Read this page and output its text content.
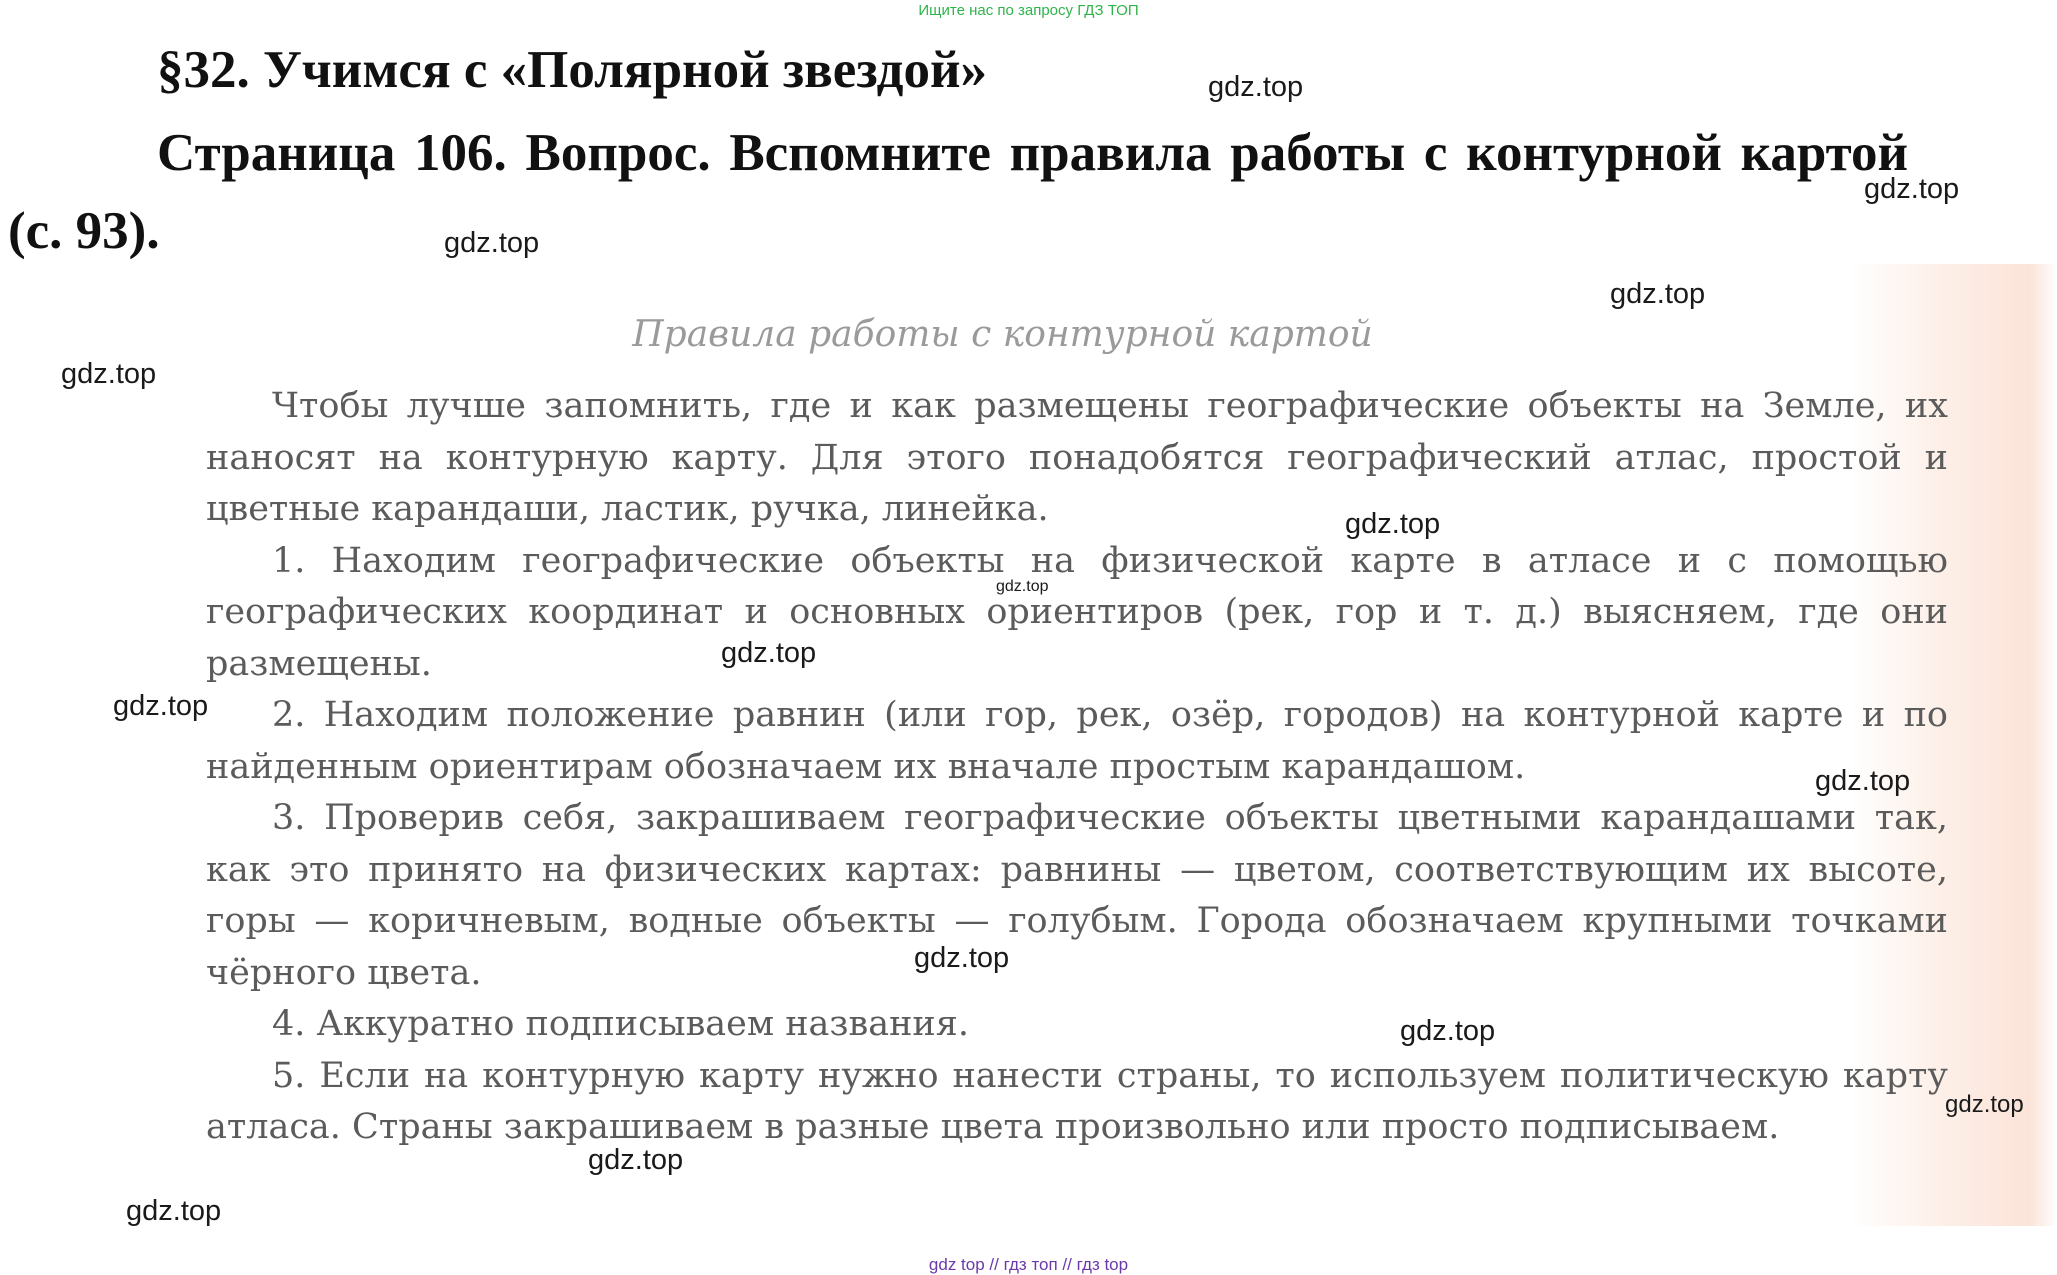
Ищите нас по запросу ГДЗ ТОП
§32. Учимся с «Полярной звездой»
Страница 106. Вопрос. Вспомните правила работы с контурной картой (с. 93).
Правила работы с контурной картой

Чтобы лучше запомнить, где и как размещены географические объекты на Земле, их наносят на контурную карту. Для этого понадобятся географический атлас, простой и цветные карандаши, ластик, ручка, линейка.

1. Находим географические объекты на физической карте в атласе и с помощью географических координат и основных ориентиров (рек, гор и т. д.) выясняем, где они размещены.

2. Находим положение равнин (или гор, рек, озёр, городов) на контурной карте и по найденным ориентирам обозначаем их вначале простым карандашом.

3. Проверив себя, закрашиваем географические объекты цветными карандашами так, как это принято на физических картах: равнины — цветом, соответствующим их высоте, горы — коричневым, водные объекты — голубым. Города обозначаем крупными точками чёрного цвета.

4. Аккуратно подписываем названия.

5. Если на контурную карту нужно нанести страны, то используем политическую карту атласа. Страны закрашиваем в разные цвета произвольно или просто подписываем.

gdz.top
gdz.top
gdz.top
gdz.top
gdz.top
gdz.top
gdz.top
gdz.top
gdz.top
gdz.top
gdz.top
gdz.top
gdz.top
gdz.top
gdz.top
gdz top // гдз топ // гдз top
